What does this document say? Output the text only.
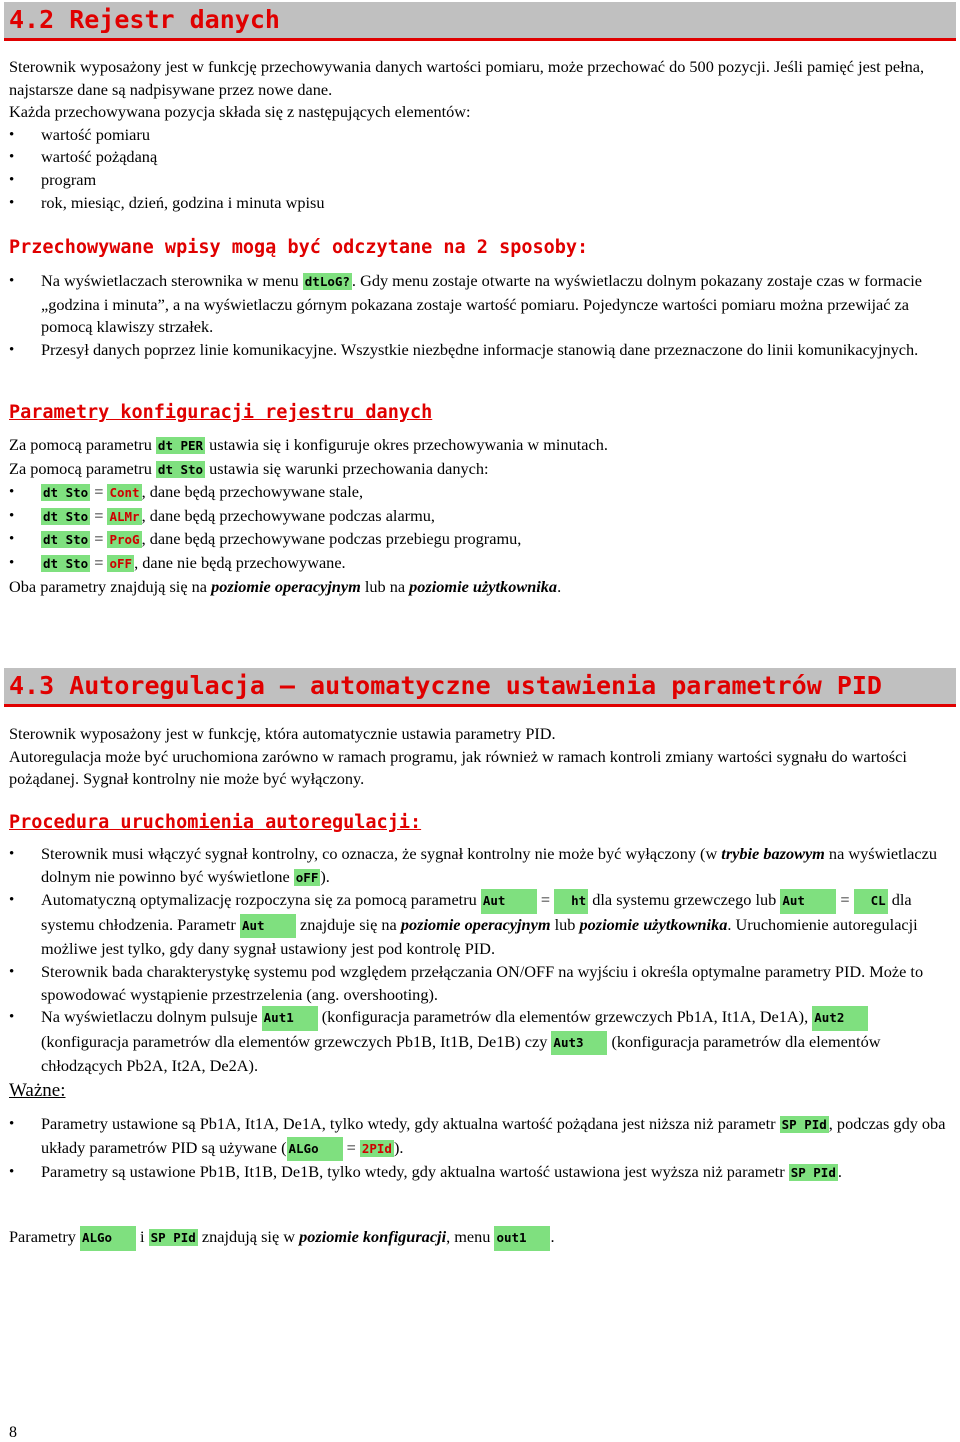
4.2 Rejestr danych

Sterownik wyposażony jest w funkcję przechowywania danych wartości pomiaru, może przechować do 500 pozycji. Jeśli pamięć jest pełna, najstarsze dane są nadpisywane przez nowe dane.

Każda przechowywana pozycja składa się z następujących elementów:

• wartość pomiaru
• wartość pożądaną
• program
• rok, miesiąc, dzień, godzina i minuta wpisu
Przechowywane wpisy mogą być odczytane na 2 sposoby:
• Na wyświetlaczach sterownika w menu dtLoG? . Gdy menu zostaje otwarte na wyświetlaczu dolnym pokazany zostaje czas w formacie „godzina i minuta”, a na wyświetlaczu górnym pokazana zostaje wartość pomiaru. Pojedyncze wartości pomiaru można przewijać za pomocą klawiszy strzałek.
• Przesył danych poprzez linie komunikacyjne. Wszystkie niezbędne informacje stanowią dane przeznaczone do linii komunikacyjnych.
Parametry konfiguracji rejestru danych

Za pomocą parametru dt PER ustawia się i konfiguruje okres przechowywania w minutach.

Za pomocą parametru dt Sto ustawia się warunki przechowania danych:

• dt Sto = Cont , dane będą przechowywane stale,
• dt Sto = ALMr , dane będą przechowywane podczas alarmu,
• dt Sto = ProG , dane będą przechowywane podczas przebiegu programu,
• dt Sto = oFF , dane nie będą przechowywane.

Oba parametry znajdują się na poziomie operacyjnym lub na poziomie użytkownika.

4.3 Autoregulacja – automatyczne ustawienia parametrów PID

Sterownik wyposażony jest w funkcję, która automatycznie ustawia parametry PID.

Autoregulacja może być uruchomiona zarówno w ramach programu, jak również w ramach kontroli zmiany wartości sygnału do wartości pożądanej. Sygnał kontrolny nie może być wyłączony.

Procedura uruchomienia autoregulacji:
• Sterownik musi włączyć sygnał kontrolny, co oznacza, że sygnał kontrolny nie może być wyłączony (w trybie bazowym na wyświetlaczu dolnym nie powinno być wyświetlone oFF ).
• Automatyczną optymalizację rozpoczyna się za pomocą parametru Aut = ht dla systemu grzewczego lub Aut = CL dla systemu chłodzenia. Parametr Aut znajduje się na poziomie operacyjnym lub poziomie użytkownika. Uruchomienie autoregulacji możliwe jest tylko, gdy dany sygnał ustawiony jest pod kontrolę PID.
• Sterownik bada charakterystykę systemu pod względem przełączania ON/OFF na wyjściu i określa optymalne parametry PID. Może to spowodować wystąpienie przestrzelenia (ang. overshooting).
• Na wyświetlaczu dolnym pulsuje Aut1 (konfiguracja parametrów dla elementów grzewczych Pb1A, It1A, De1A), Aut2 (konfiguracja parametrów dla elementów grzewczych Pb1B, It1B, De1B) czy Aut3 (konfiguracja parametrów dla elementów chłodzących Pb2A, It2A, De2A).
Ważne:
• Parametry ustawione są Pb1A, It1A, De1A, tylko wtedy, gdy aktualna wartość pożądana jest niższa niż parametr SP PId , podczas gdy oba układy parametrów PID są używane ( ALGo = 2PId ).
• Parametry są ustawione Pb1B, It1B, De1B, tylko wtedy, gdy aktualna wartość ustawiona jest wyższa niż parametr SP PId .
Parametry ALGo i SP PId znajdują się w poziomie konfiguracji, menu out1 .
8
